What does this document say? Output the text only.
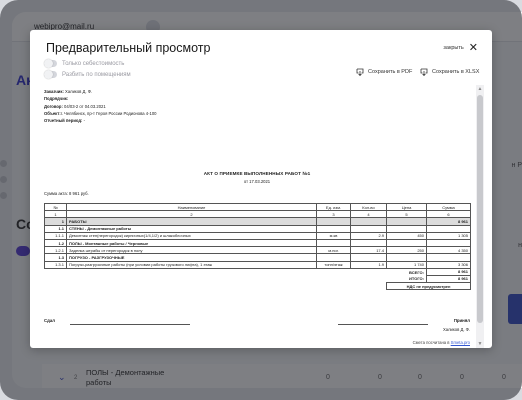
Предварительный просмотр	закрыть ✕
Только себестоимость
Разбить по помещениям	Сохранить в PDF	Сохранить в XLSX
Заказчик: Халиков Д. Ф.
Подрядчик:
Договор: 04/03-2 от 04.03.2021
Объект:г. Челябинск, пр-т Героя России Родионова 4-100
Отчетный период: -
АКТ О ПРИЕМКЕ ВЫПОЛНЕННЫХ РАБОТ №1
от 17.03.2021
Сумма акта: 8 961 руб.
№	Наименование	Ед. изм.	Кол-во	Цена	Сумма
1	2	3	4	5	6
1	РАБОТЫ				8 961
1.1	СТЕНЫ - Демонтажные работы				
1.1.1	Демонтаж стен(перегородок) кирпичных(1/4,1/2) и шлакоблочных	м.кв	2.9	450	1 305
1.2	ПОЛЫ - Монтажные работы / Черновые				
1.2.1	Заделка штрабы от перегородок в полу	м.пог.	17.4	250	4 350
1.3	ПОГРУЗО - РАЗГРУЗОЧНЫЕ				
1.3.1	Погрузо-разгрузочные работы (при условии работы грузового лифта), 1 этаж	тонн/этаж	1.9	1 740	3 306
ВСЕГО:					8 961
ИТОГО:					8 961
				НДС не предусмотрен	
Сдал	Принял
Халиков Д. Ф.
Смета посчитана в Smeta.pro
▲
▼
